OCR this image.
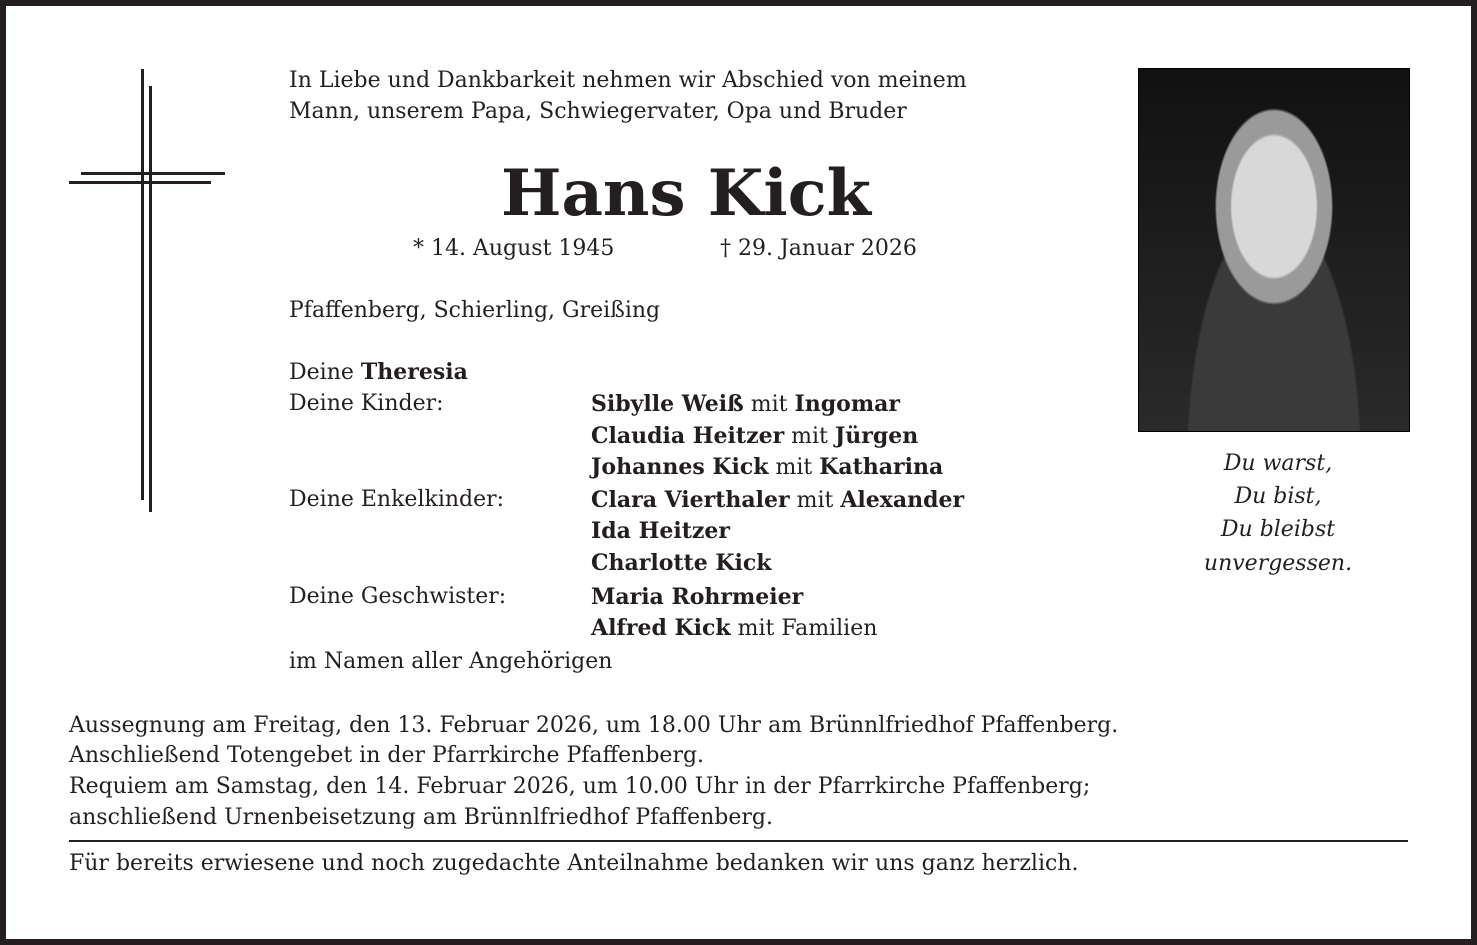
In Liebe und Dankbarkeit nehmen wir Abschied von meinem
Mann, unserem Papa, Schwiegervater, Opa und Bruder
Hans Kick
* 14. August 1945	† 29. Januar 2026
Pfaffenberg, Schierling, Greißing
Deine Theresia
Deine Kinder:	Sibylle Weiß mit Ingomar
Claudia Heitzer mit Jürgen
Johannes Kick mit Katharina
Deine Enkelkinder:	Clara Vierthaler mit Alexander
Ida Heitzer
Charlotte Kick
Deine Geschwister:	Maria Rohrmeier
Alfred Kick mit Familien
im Namen aller Angehörigen
Du warst,
Du bist,
Du bleibst
unvergessen.
Aussegnung am Freitag, den 13. Februar 2026, um 18.00 Uhr am Brünnlfriedhof Pfaffenberg.
Anschließend Totengebet in der Pfarrkirche Pfaffenberg.
Requiem am Samstag, den 14. Februar 2026, um 10.00 Uhr in der Pfarrkirche Pfaffenberg;
anschließend Urnenbeisetzung am Brünnlfriedhof Pfaffenberg.
Für bereits erwiesene und noch zugedachte Anteilnahme bedanken wir uns ganz herzlich.
